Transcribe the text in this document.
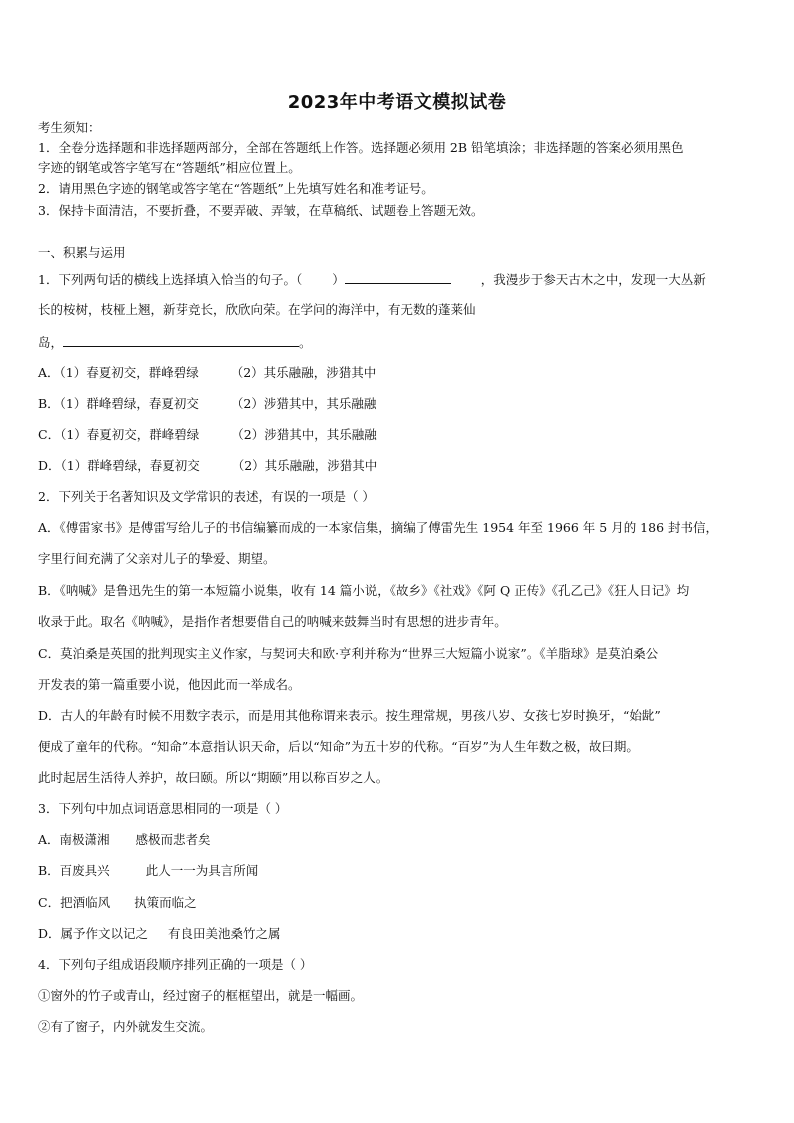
2023年中考语文模拟试卷
考生须知：
1．全卷分选择题和非选择题两部分，全部在答题纸上作答。选择题必须用 2B 铅笔填涂；非选择题的答案必须用黑色
字迹的钢笔或答字笔写在“答题纸”相应位置上。
2．请用黑色字迹的钢笔或答字笔在“答题纸”上先填写姓名和准考证号。
3．保持卡面清洁，不要折叠，不要弄破、弄皱，在草稿纸、试题卷上答题无效。
一、积累与运用
1．下列两句话的横线上选择填入恰当的句子。（ ）	，我漫步于参天古木之中，发现一大丛新
长的桉树，枝桠上翘，新芽竞长，欣欣向荣。在学问的海洋中，有无数的蓬莱仙
岛，	。
A．（1）春夏初交，群峰碧绿	（2）其乐融融，涉猎其中
B．（1）群峰碧绿，春夏初交	（2）涉猎其中，其乐融融
C．（1）春夏初交，群峰碧绿	（2）涉猎其中，其乐融融
D．（1）群峰碧绿，春夏初交	（2）其乐融融，涉猎其中
2．下列关于名著知识及文学常识的表述，有误的一项是（ ）
A．《傅雷家书》是傅雷写给儿子的书信编纂而成的一本家信集，摘编了傅雷先生 1954 年至 1966 年 5 月的 186 封书信，
字里行间充满了父亲对儿子的挚爱、期望。
B．《呐喊》是鲁迅先生的第一本短篇小说集，收有 14 篇小说，《故乡》《社戏》《阿 Q 正传》《孔乙己》《狂人日记》均
收录于此。取名《呐喊》，是指作者想要借自己的呐喊来鼓舞当时有思想的进步青年。
C．莫泊桑是英国的批判现实主义作家，与契诃夫和欧·亨利并称为“世界三大短篇小说家”。《羊脂球》是莫泊桑公
开发表的第一篇重要小说，他因此而一举成名。
D．古人的年龄有时候不用数字表示，而是用其他称谓来表示。按生理常规，男孩八岁、女孩七岁时换牙，“始龀”
便成了童年的代称。“知命”本意指认识天命，后以“知命”为五十岁的代称。“百岁”为人生年数之极，故曰期。
此时起居生活待人养护，故曰颐。所以“期颐”用以称百岁之人。
3．下列句中加点词语意思相同的一项是（ ）
A．南极潇湘 感极而悲者矣
B．百废具兴	此人一一为具言所闻
C．把酒临风 执策而临之
D．属予作文以记之 有良田美池桑竹之属
4．下列句子组成语段顺序排列正确的一项是（ ）
①窗外的竹子或青山，经过窗子的框框望出，就是一幅画。
②有了窗子，内外就发生交流。
